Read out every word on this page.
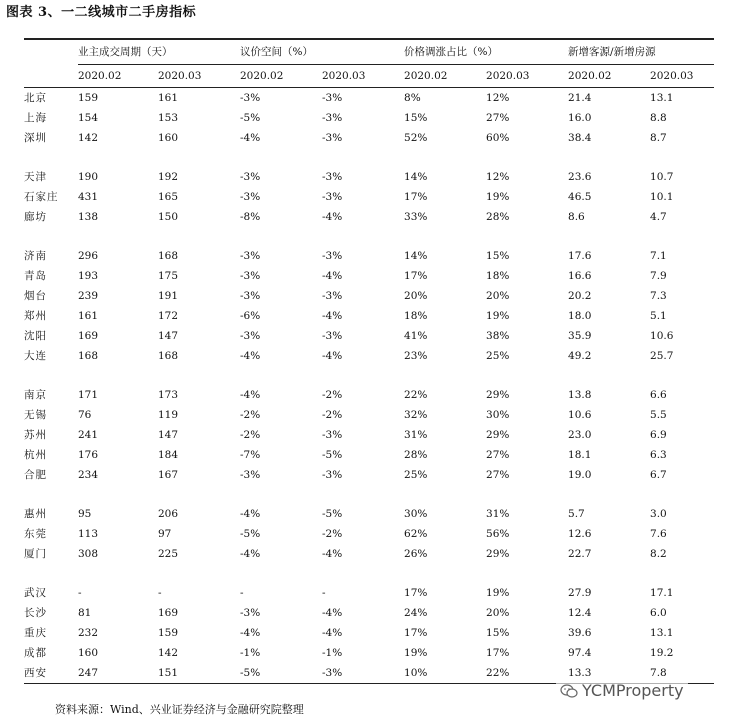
图表 3、一二线城市二手房指标
	业主成交周期（天）		议价空间（%）		价格调涨占比（%）		新增客源/新增房源	
	2020.02	2020.03	2020.02	2020.03	2020.02	2020.03	2020.02	2020.03
北京	159	161	-3%	-3%	8%	12%	21.4	13.1
上海	154	153	-5%	-3%	15%	27%	16.0	8.8
深圳	142	160	-4%	-3%	52%	60%	38.4	8.7

天津	190	192	-3%	-3%	14%	12%	23.6	10.7
石家庄	431	165	-3%	-3%	17%	19%	46.5	10.1
廊坊	138	150	-8%	-4%	33%	28%	8.6	4.7

济南	296	168	-3%	-3%	14%	15%	17.6	7.1
青岛	193	175	-3%	-4%	17%	18%	16.6	7.9
烟台	239	191	-3%	-3%	20%	20%	20.2	7.3
郑州	161	172	-6%	-4%	18%	19%	18.0	5.1
沈阳	169	147	-3%	-3%	41%	38%	35.9	10.6
大连	168	168	-4%	-4%	23%	25%	49.2	25.7

南京	171	173	-4%	-2%	22%	29%	13.8	6.6
无锡	76	119	-2%	-2%	32%	30%	10.6	5.5
苏州	241	147	-2%	-3%	31%	29%	23.0	6.9
杭州	176	184	-7%	-5%	28%	27%	18.1	6.3
合肥	234	167	-3%	-3%	25%	27%	19.0	6.7

惠州	95	206	-4%	-5%	30%	31%	5.7	3.0
东莞	113	97	-5%	-2%	62%	56%	12.6	7.6
厦门	308	225	-4%	-4%	26%	29%	22.7	8.2

武汉	-	-	-	-	17%	19%	27.9	17.1
长沙	81	169	-3%	-4%	24%	20%	12.4	6.0
重庆	232	159	-4%	-4%	17%	15%	39.6	13.1
成都	160	142	-1%	-1%	19%	17%	97.4	19.2
西安	247	151	-5%	-3%	10%	22%	13.3	7.8
资料来源：Wind、兴业证券经济与金融研究院整理
YCMProperty
